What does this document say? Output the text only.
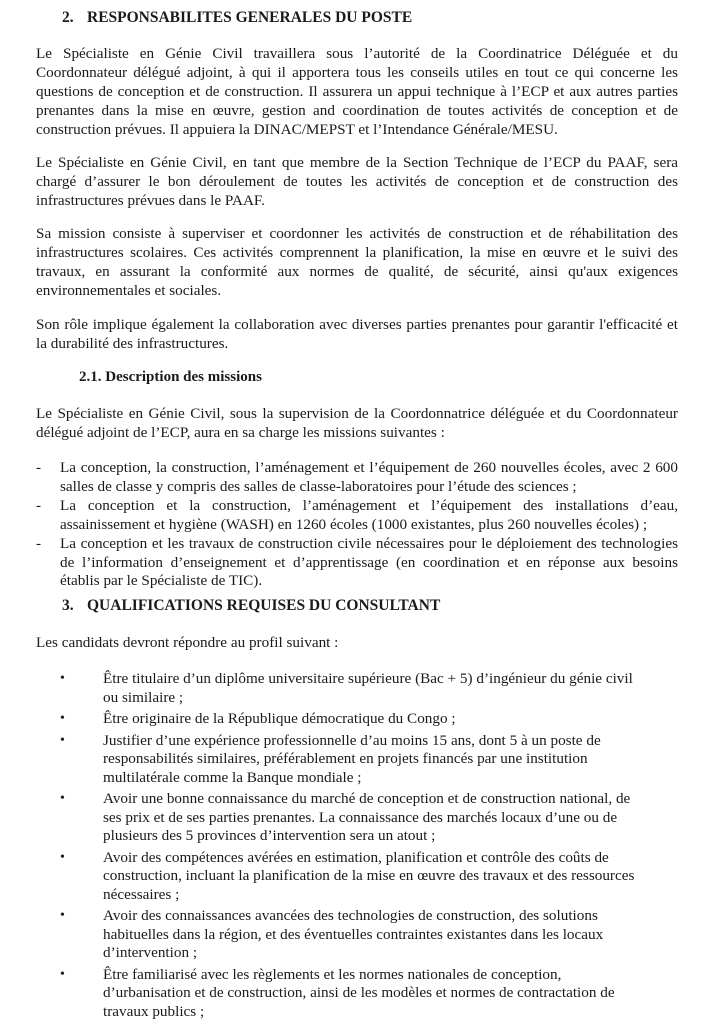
2. RESPONSABILITES GENERALES DU POSTE

Le Spécialiste en Génie Civil travaillera sous l’autorité de la Coordinatrice Déléguée et du Coordonnateur délégué adjoint, à qui il apportera tous les conseils utiles en tout ce qui concerne les questions de conception et de construction. Il assurera un appui technique à l’ECP et aux autres parties prenantes dans la mise en œuvre, gestion and coordination de toutes activités de conception et de construction prévues. Il appuiera la DINAC/MEPST et l’Intendance Générale/MESU.

Le Spécialiste en Génie Civil, en tant que membre de la Section Technique de l’ECP du PAAF, sera chargé d’assurer le bon déroulement de toutes les activités de conception et de construction des infrastructures prévues dans le PAAF.

Sa mission consiste à superviser et coordonner les activités de construction et de réhabilitation des infrastructures scolaires. Ces activités comprennent la planification, la mise en œuvre et le suivi des travaux, en assurant la conformité aux normes de qualité, de sécurité, ainsi qu'aux exigences environnementales et sociales.

Son rôle implique également la collaboration avec diverses parties prenantes pour garantir l'efficacité et la durabilité des infrastructures.

2.1. Description des missions

Le Spécialiste en Génie Civil, sous la supervision de la Coordonnatrice déléguée et du Coordonnateur délégué adjoint de l’ECP, aura en sa charge les missions suivantes :

- La conception, la construction, l’aménagement et l’équipement de 260 nouvelles écoles, avec 2 600 salles de classe y compris des salles de classe-laboratoires pour l’étude des sciences ;
- La conception et la construction, l’aménagement et l’équipement des installations d’eau, assainissement et hygiène (WASH) en 1260 écoles (1000 existantes, plus 260 nouvelles écoles) ;
- La conception et les travaux de construction civile nécessaires pour le déploiement des technologies de l’information d’enseignement et d’apprentissage (en coordination et en réponse aux besoins établis par le Spécialiste de TIC).
3. QUALIFICATIONS REQUISES DU CONSULTANT

Les candidats devront répondre au profil suivant :

•	Être titulaire d’un diplôme universitaire supérieure (Bac + 5) d’ingénieur du génie civil ou similaire ;
•	Être originaire de la République démocratique du Congo ;
•	Justifier d’une expérience professionnelle d’au moins 15 ans, dont 5 à un poste de responsabilités similaires, préférablement en projets financés par une institution multilatérale comme la Banque mondiale ;
•	Avoir une bonne connaissance du marché de conception et de construction national, de ses prix et de ses parties prenantes. La connaissance des marchés locaux d’une ou de plusieurs des 5 provinces d’intervention sera un atout ;
•	Avoir des compétences avérées en estimation, planification et contrôle des coûts de construction, incluant la planification de la mise en œuvre des travaux et des ressources nécessaires ;
•	Avoir des connaissances avancées des technologies de construction, des solutions habituelles dans la région, et des éventuelles contraintes existantes dans les locaux d’intervention ;
•	Être familiarisé avec les règlements et les normes nationales de conception, d’urbanisation et de construction, ainsi de les modèles et normes de contractation de travaux publics ;
